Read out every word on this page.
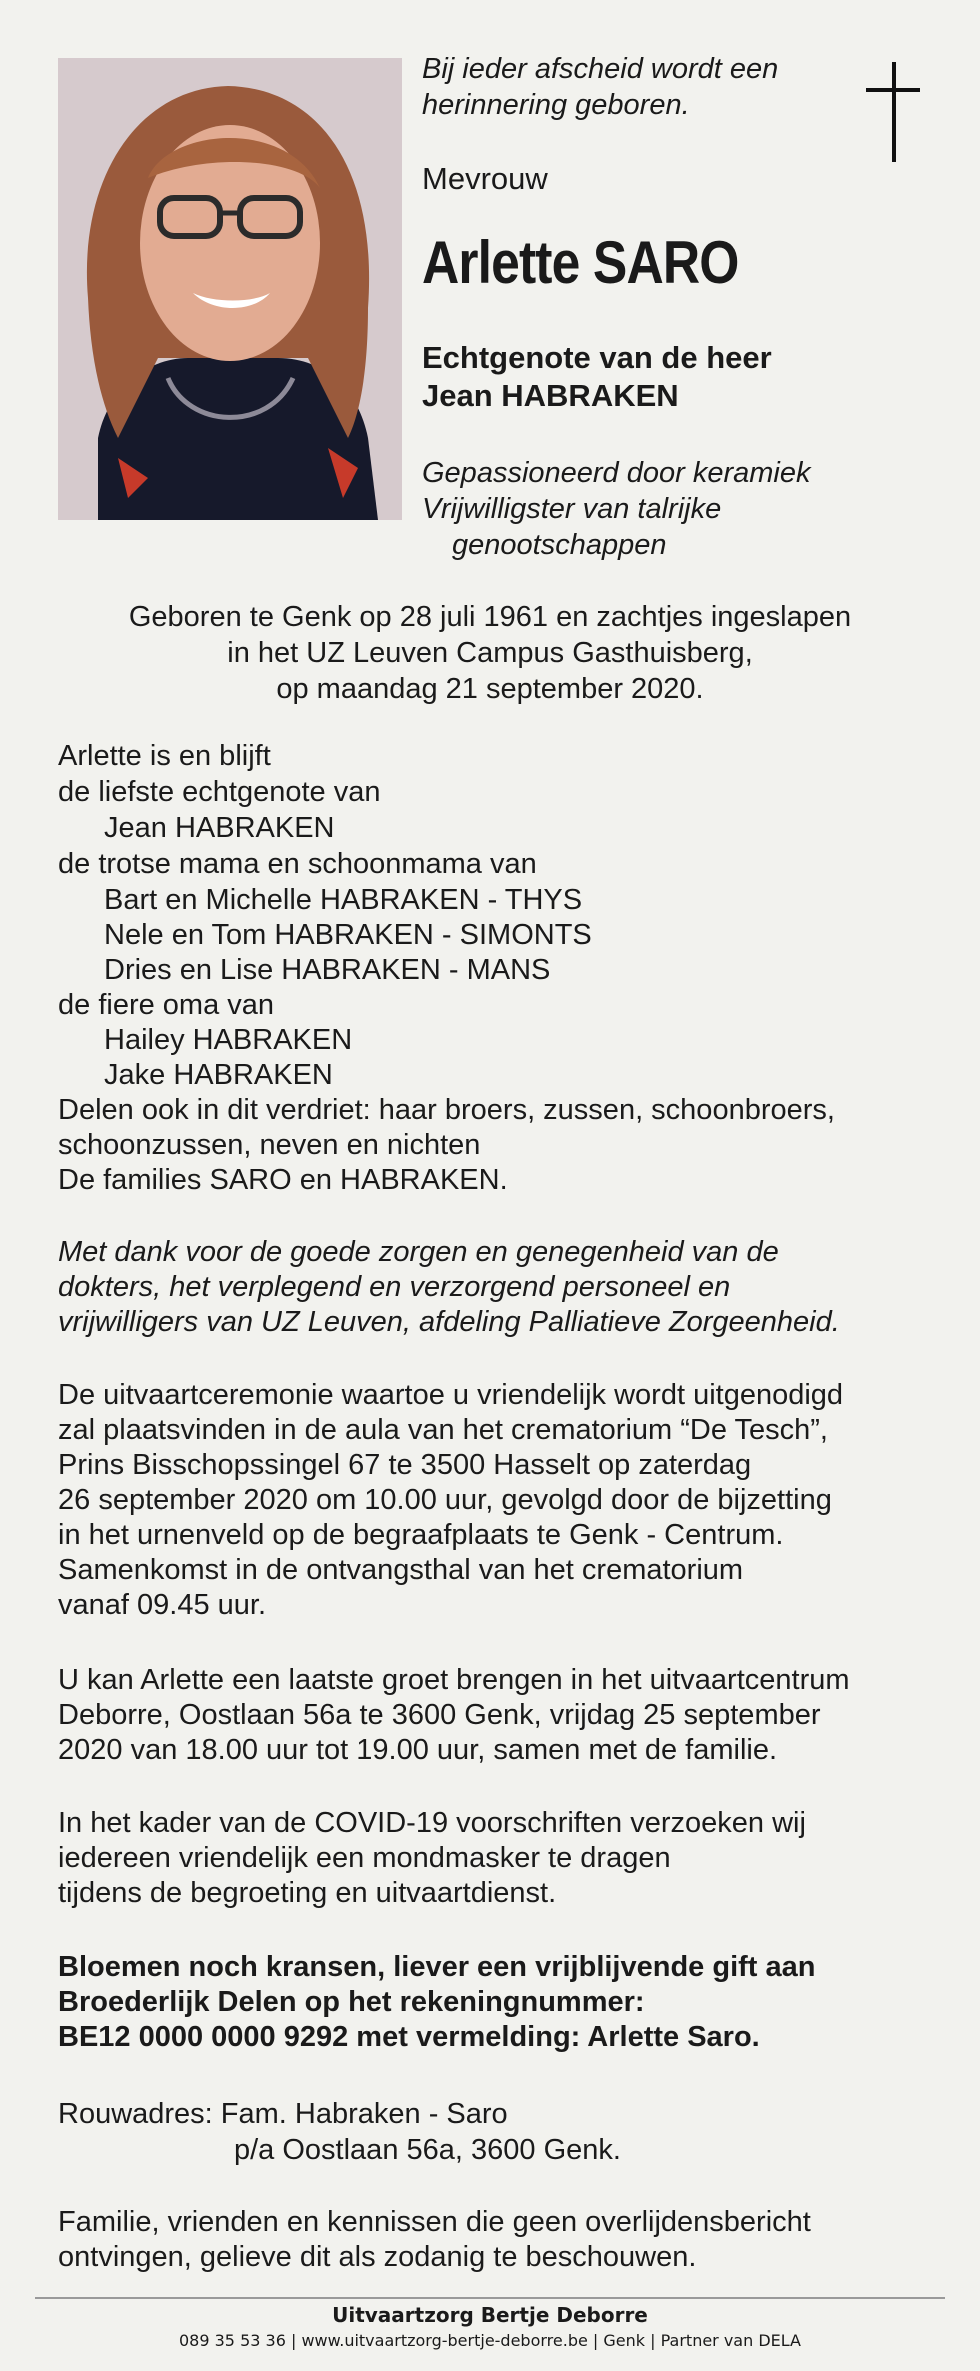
Bij ieder afscheid wordt een
herinnering geboren.
Mevrouw
Arlette SARO
Echtgenote van de heer
Jean HABRAKEN
Gepassioneerd door keramiek
Vrijwilligster van talrijke
genootschappen
Geboren te Genk op 28 juli 1961 en zachtjes ingeslapen
in het UZ Leuven Campus Gasthuisberg,
op maandag 21 september 2020.
Arlette is en blijft
de liefste echtgenote van
Jean HABRAKEN
de trotse mama en schoonmama van
Bart en Michelle HABRAKEN - THYS
Nele en Tom HABRAKEN - SIMONTS
Dries en Lise HABRAKEN - MANS
de fiere oma van
Hailey HABRAKEN
Jake HABRAKEN
Delen ook in dit verdriet: haar broers, zussen, schoonbroers,
schoonzussen, neven en nichten
De families SARO en HABRAKEN.
Met dank voor de goede zorgen en genegenheid van de
dokters, het verplegend en verzorgend personeel en
vrijwilligers van UZ Leuven, afdeling Palliatieve Zorgeenheid.
De uitvaartceremonie waartoe u vriendelijk wordt uitgenodigd
zal plaatsvinden in de aula van het crematorium “De Tesch”,
Prins Bisschopssingel 67 te 3500 Hasselt op zaterdag
26 september 2020 om 10.00 uur, gevolgd door de bijzetting
in het urnenveld op de begraafplaats te Genk - Centrum.
Samenkomst in de ontvangsthal van het crematorium
vanaf 09.45 uur.
U kan Arlette een laatste groet brengen in het uitvaartcentrum
Deborre, Oostlaan 56a te 3600 Genk, vrijdag 25 september
2020 van 18.00 uur tot 19.00 uur, samen met de familie.
In het kader van de COVID-19 voorschriften verzoeken wij
iedereen vriendelijk een mondmasker te dragen
tijdens de begroeting en uitvaartdienst.
Bloemen noch kransen, liever een vrijblijvende gift aan
Broederlijk Delen op het rekeningnummer:
BE12 0000 0000 9292 met vermelding: Arlette Saro.
Rouwadres: Fam. Habraken - Saro
p/a Oostlaan 56a, 3600 Genk.
Familie, vrienden en kennissen die geen overlijdensbericht
ontvingen, gelieve dit als zodanig te beschouwen.
Uitvaartzorg Bertje Deborre
089 35 53 36 | www.uitvaartzorg-bertje-deborre.be | Genk | Partner van DELA
